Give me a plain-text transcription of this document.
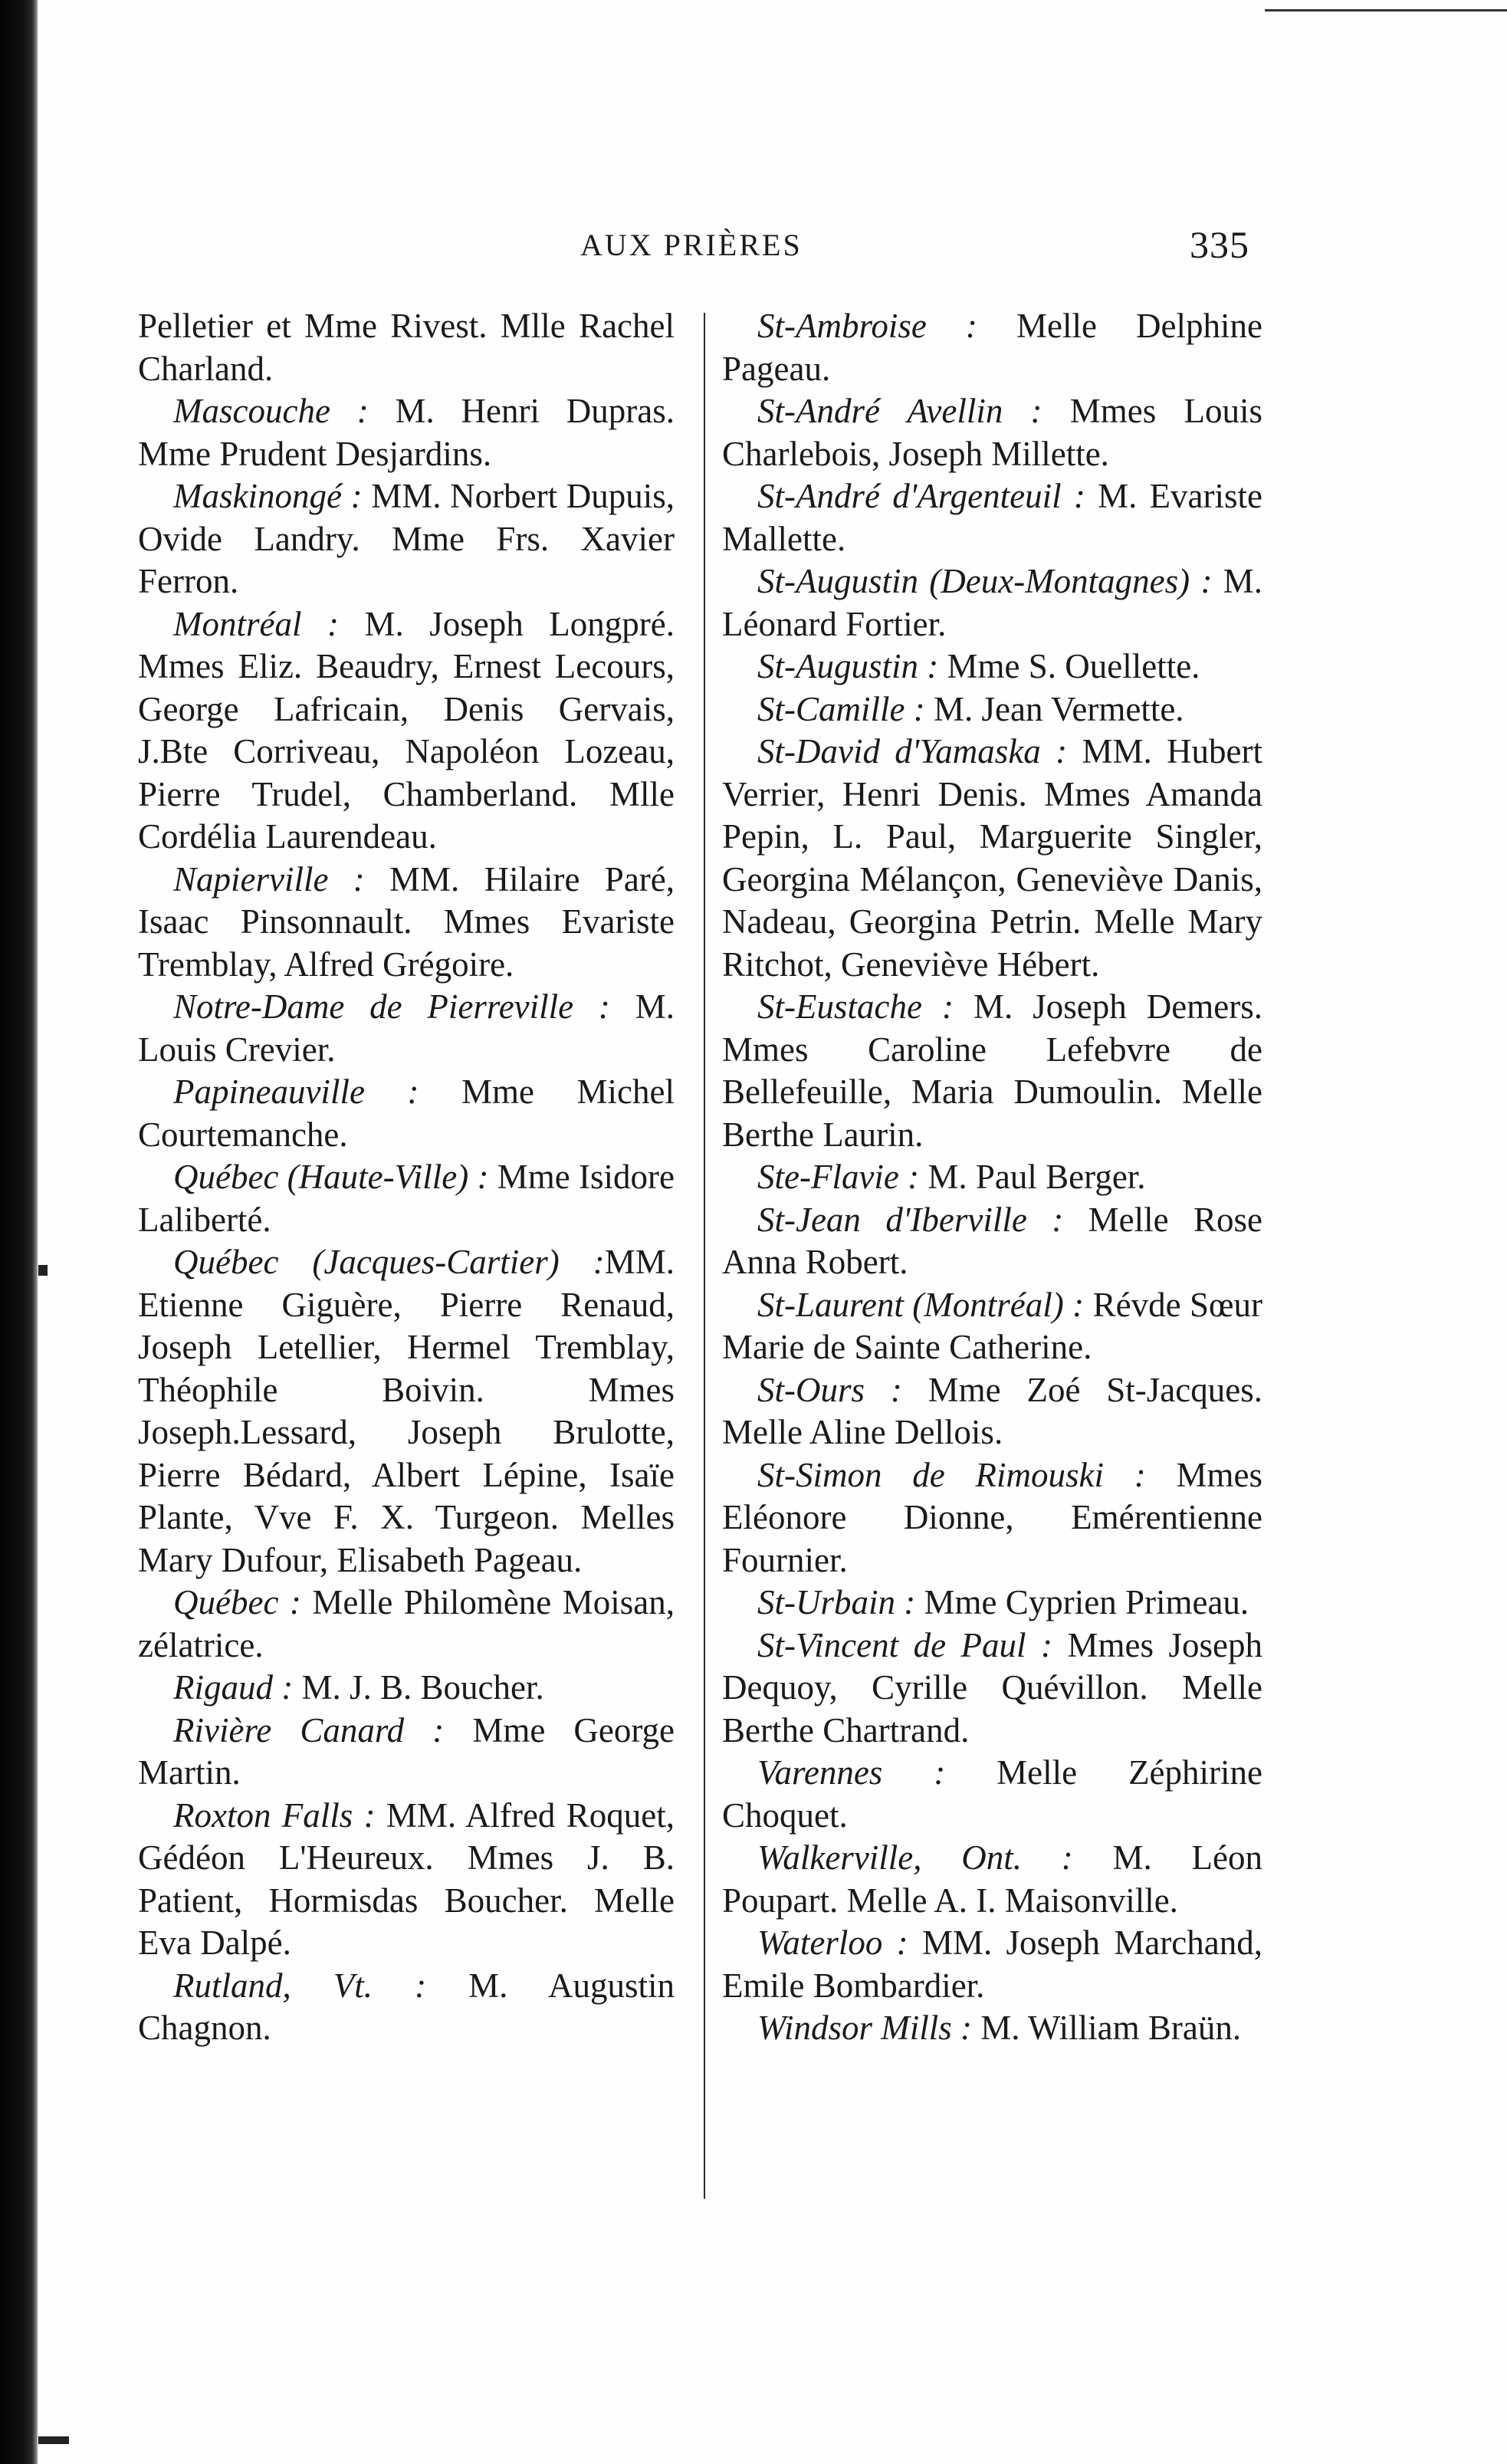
AUX PRIÈRES	335

Pelletier et Mme Rivest. Mlle Rachel Charland.

Mascouche : M. Henri Dupras. Mme Prudent Desjardins.

Maskinongé : MM. Norbert Dupuis, Ovide Landry. Mme Frs. Xavier Ferron.

Montréal : M. Joseph Longpré. Mmes Eliz. Beaudry, Ernest Lecours, George Lafricain, Denis Gervais, J.Bte Corriveau, Napoléon Lozeau, Pierre Trudel, Chamberland. Mlle Cordélia Laurendeau.

Napierville : MM. Hilaire Paré, Isaac Pinsonnault. Mmes Evariste Tremblay, Alfred Grégoire.

Notre-Dame de Pierreville : M. Louis Crevier.

Papineauville : Mme Michel Courtemanche.

Québec (Haute-Ville) : Mme Isidore Laliberté.

Québec (Jacques-Cartier) :MM. Etienne Giguère, Pierre Renaud, Joseph Letellier, Hermel Tremblay, Théophile Boivin. Mmes Joseph.Lessard, Joseph Brulotte, Pierre Bédard, Albert Lépine, Isaïe Plante, Vve F. X. Turgeon. Melles Mary Dufour, Elisabeth Pageau.

Québec : Melle Philomène Moisan, zélatrice.

Rigaud : M. J. B. Boucher.

Rivière Canard : Mme George Martin.

Roxton Falls : MM. Alfred Roquet, Gédéon L'Heureux. Mmes J. B. Patient, Hormisdas Boucher. Melle Eva Dalpé.

Rutland, Vt. : M. Augustin Chagnon.

St-Ambroise : Melle Delphine Pageau.

St-André Avellin : Mmes Louis Charlebois, Joseph Millette.

St-André d'Argenteuil : M. Evariste Mallette.

St-Augustin (Deux-Montagnes) : M. Léonard Fortier.

St-Augustin : Mme S. Ouellette.

St-Camille : M. Jean Vermette.

St-David d'Yamaska : MM. Hubert Verrier, Henri Denis. Mmes Amanda Pepin, L. Paul, Marguerite Singler, Georgina Mélançon, Geneviève Danis, Nadeau, Georgina Petrin. Melle Mary Ritchot, Geneviève Hébert.

St-Eustache : M. Joseph Demers. Mmes Caroline Lefebvre de Bellefeuille, Maria Dumoulin. Melle Berthe Laurin.

Ste-Flavie : M. Paul Berger.

St-Jean d'Iberville : Melle Rose Anna Robert.

St-Laurent (Montréal) : Révde Sœur Marie de Sainte Catherine.

St-Ours : Mme Zoé St-Jacques. Melle Aline Dellois.

St-Simon de Rimouski : Mmes Eléonore Dionne, Emérentienne Fournier.

St-Urbain : Mme Cyprien Primeau.

St-Vincent de Paul : Mmes Joseph Dequoy, Cyrille Quévillon. Melle Berthe Chartrand.

Varennes : Melle Zéphirine Choquet.

Walkerville, Ont. : M. Léon Poupart. Melle A. I. Maisonville.

Waterloo : MM. Joseph Marchand, Emile Bombardier.

Windsor Mills : M. William Braün.
